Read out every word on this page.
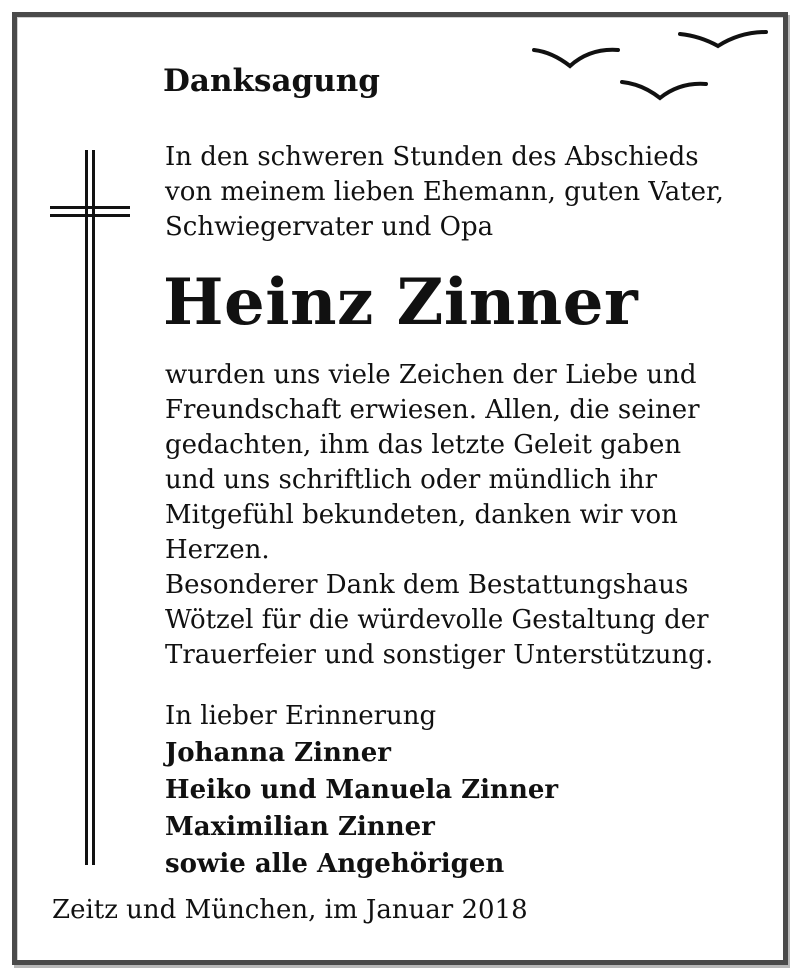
Danksagung

In den schweren Stunden des Abschieds
von meinem lieben Ehemann, guten Vater,
Schwiegervater und Opa

Heinz Zinner

wurden uns viele Zeichen der Liebe und
Freundschaft erwiesen. Allen, die seiner
gedachten, ihm das letzte Geleit gaben
und uns schriftlich oder mündlich ihr
Mitgefühl bekundeten, danken wir von
Herzen.
Besonderer Dank dem Bestattungshaus
Wötzel für die würdevolle Gestaltung der
Trauerfeier und sonstiger Unterstützung.

In lieber Erinnerung
Johanna Zinner
Heiko und Manuela Zinner
Maximilian Zinner
sowie alle Angehörigen

Zeitz und München, im Januar 2018
